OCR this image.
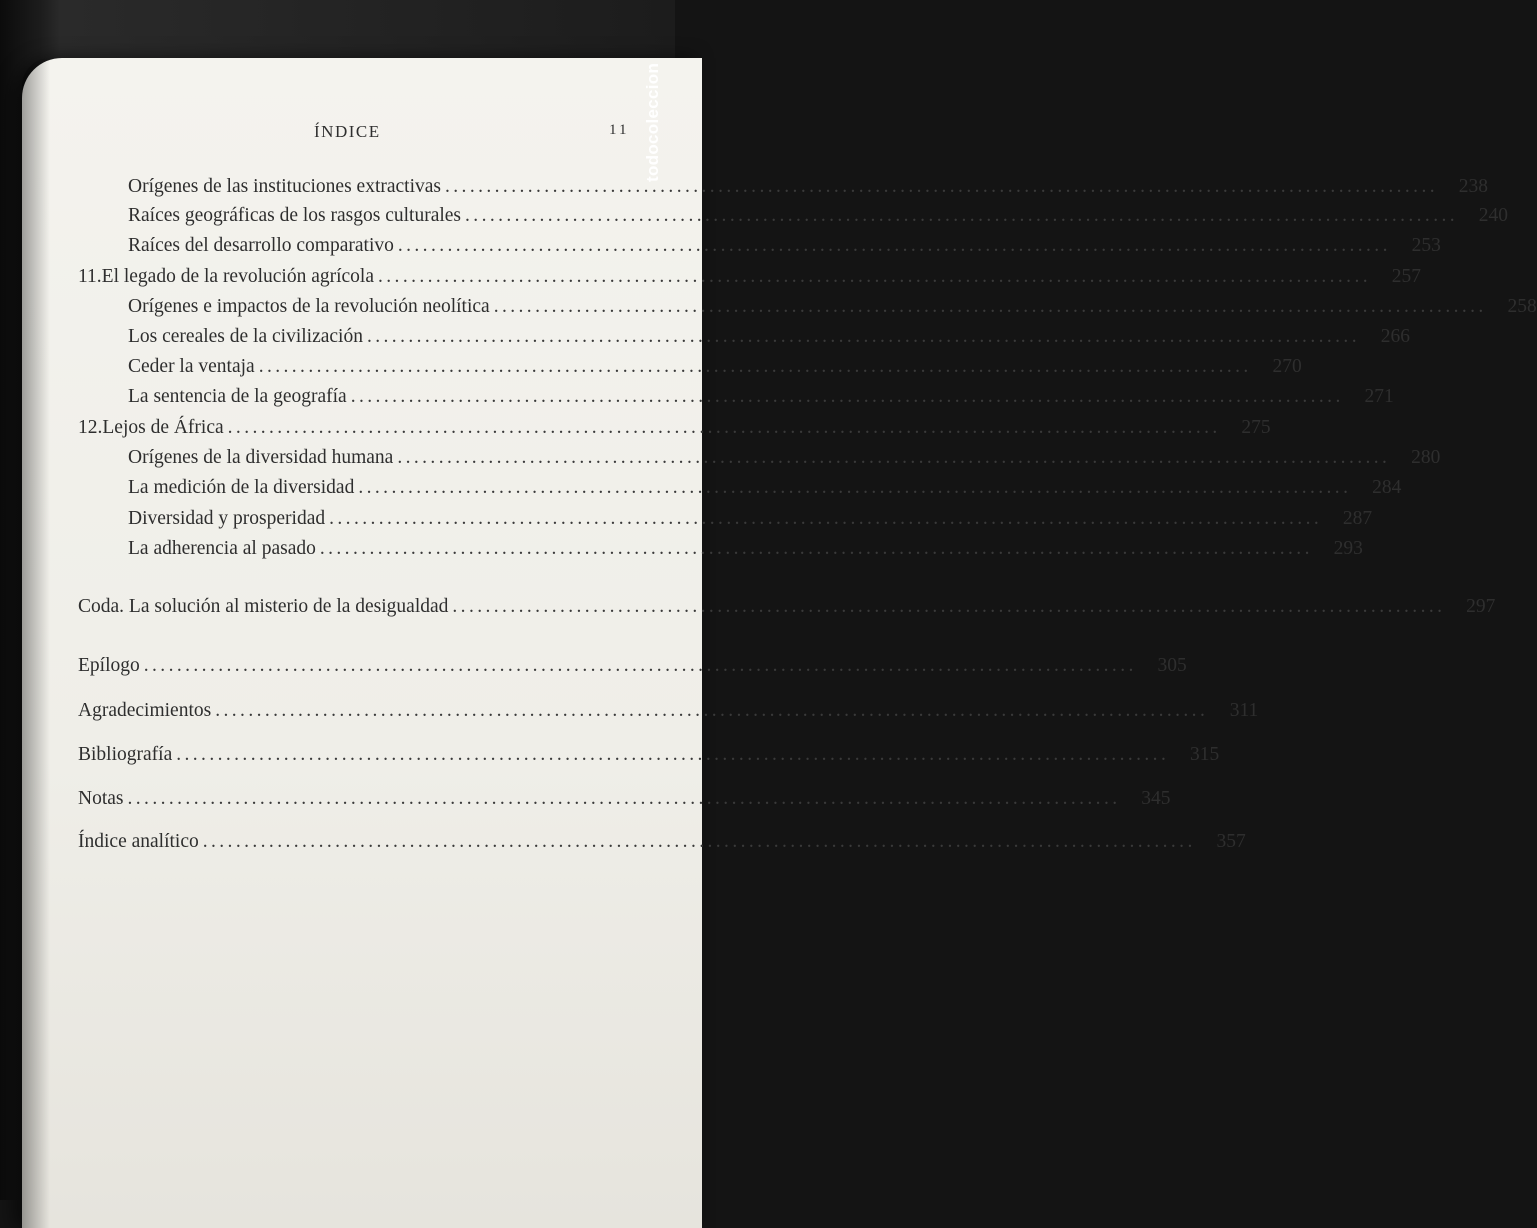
todocoleccion
ÍNDICE	11
Orígenes de las instituciones extractivas ........................................................................................................................	238
Raíces geográficas de los rasgos culturales ........................................................................................................................	240
Raíces del desarrollo comparativo ........................................................................................................................	253
11. El legado de la revolución agrícola ........................................................................................................................	257
Orígenes e impactos de la revolución neolítica ........................................................................................................................	258
Los cereales de la civilización ........................................................................................................................	266
Ceder la ventaja ........................................................................................................................	270
La sentencia de la geografía ........................................................................................................................	271
12. Lejos de África ........................................................................................................................	275
Orígenes de la diversidad humana ........................................................................................................................	280
La medición de la diversidad ........................................................................................................................	284
Diversidad y prosperidad ........................................................................................................................	287
La adherencia al pasado ........................................................................................................................	293
Coda. La solución al misterio de la desigualdad ........................................................................................................................	297
Epílogo ........................................................................................................................	305
Agradecimientos ........................................................................................................................	311
Bibliografía ........................................................................................................................	315
Notas ........................................................................................................................	345
Índice analítico ........................................................................................................................	357
